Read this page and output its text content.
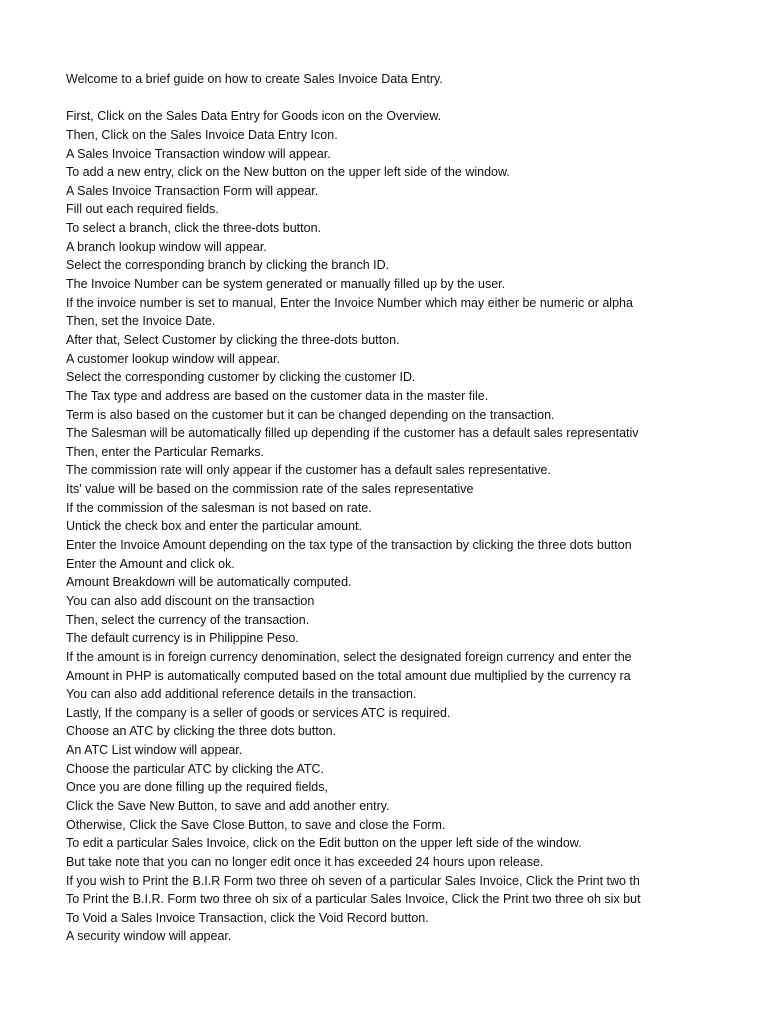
Welcome to a brief guide on how to create Sales Invoice Data Entry.
First, Click on the Sales Data Entry for Goods icon on the Overview.
Then, Click on the Sales Invoice Data Entry Icon.
A Sales Invoice Transaction window will appear.
To add a new entry, click on the New button on the upper left side of the window.
A Sales Invoice Transaction Form will appear.
Fill out each required fields.
To select a branch, click the three-dots button.
A branch lookup window will appear.
Select the corresponding branch by clicking the branch ID.
The Invoice Number can be system generated or manually filled up by the user.
If the invoice number is set to manual, Enter the Invoice Number which may either be numeric or alpha
Then, set the Invoice Date.
After that, Select Customer by clicking the three-dots button.
A customer lookup window will appear.
Select the corresponding customer by clicking the customer ID.
The Tax type and address are based on the customer data in the master file.
Term is also based on the customer but it can be changed depending on the transaction.
The Salesman will be automatically filled up depending if the customer has a default sales representativ
Then, enter the Particular Remarks.
The commission rate will only appear if the customer has a default sales representative.
Its' value will be based on the commission rate of the sales representative
If the commission of the salesman is not based on rate.
Untick the check box and enter the particular amount.
Enter the Invoice Amount depending on the tax type of the transaction by clicking the three dots button
Enter the Amount and click ok.
Amount Breakdown will be automatically computed.
You can also add discount on the transaction
Then, select the currency of the transaction.
The default currency is in Philippine Peso.
If the amount is in foreign currency denomination, select the designated foreign currency and enter the
Amount in PHP is automatically computed based on the total amount due multiplied by the currency ra
You can also add additional reference details in the transaction.
Lastly, If the company is a seller of goods or services ATC is required.
Choose an ATC by clicking the three dots button.
An ATC List window will appear.
Choose the particular ATC by clicking the ATC.
Once you are done filling up the required fields,
Click the Save New Button, to save and add another entry.
Otherwise, Click the Save Close Button, to save and close the Form.
To edit a particular Sales Invoice, click on the Edit button on the upper left side of the window.
But take note that you can no longer edit once it has exceeded 24 hours upon release.
If you wish to Print the B.I.R Form two three oh seven of a particular Sales Invoice, Click the Print two th
To Print the B.I.R. Form two three oh six of a particular Sales Invoice, Click the Print two three oh six but
To Void a Sales Invoice Transaction, click the Void Record button.
A security window will appear.
